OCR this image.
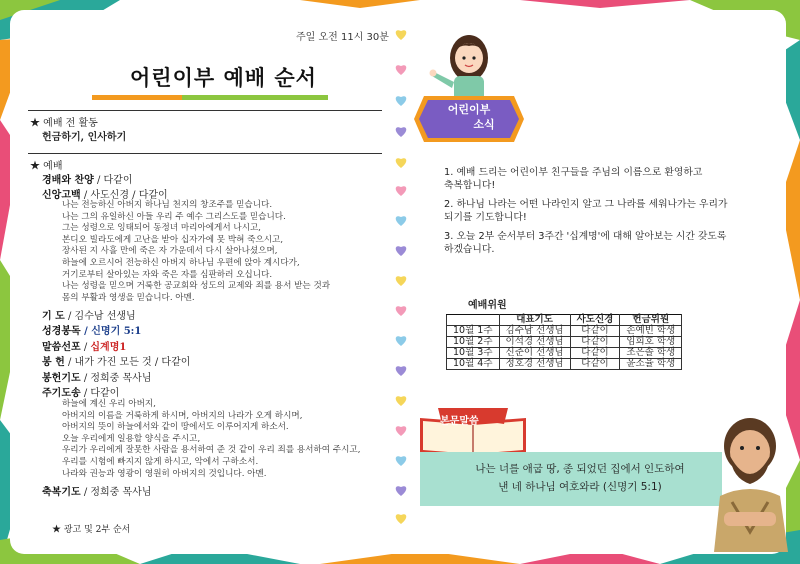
주일 오전 11시 30분
어린이부 예배 순서
★ 예배 전 활동
헌금하기, 인사하기
★ 예배
경배와 찬양 / 다같이
신앙고백 / 사도신경 / 다같이
나는 전능하신 아버지 하나님 천지의 창조주를 믿습니다.
나는 그의 유일하신 아들 우리 주 예수 그리스도를 믿습니다.
그는 성령으로 잉태되어 동정녀 마리아에게서 나시고,
본디오 빌라도에게 고난을 받아 십자가에 못 박혀 죽으시고,
장사된 지 사흘 만에 죽은 자 가운데서 다시 살아나셨으며,
하늘에 오르시어 전능하신 아버지 하나님 우편에 앉아 계시다가,
거기로부터 살아있는 자와 죽은 자를 심판하러 오십니다.
나는 성령을 믿으며 거룩한 공교회와 성도의 교제와 죄를 용서 받는 것과
몸의 부활과 영생을 믿습니다. 아멘.
기 도 / 김수남 선생님
성경봉독 / 신명기 5:1
말씀선포 / 십계명1
봉 헌 / 내가 가진 모든 것 / 다같이
봉헌기도 / 정희중 목사님
주기도송 / 다같이
하늘에 계신 우리 아버지,
아버지의 이름을 거룩하게 하시며, 아버지의 나라가 오게 하시며,
아버지의 뜻이 하늘에서와 같이 땅에서도 이루어지게 하소서.
오늘 우리에게 일용할 양식을 주시고,
우리가 우리에게 잘못한 사람을 용서하여 준 것 같이 우리 죄를 용서하여 주시고,
우리를 시험에 빠지지 않게 하시고, 악에서 구하소서.
나라와 권능과 영광이 영원히 아버지의 것입니다. 아멘.
축복기도 / 정희중 목사님
★ 광고 및 2부 순서
어린이부
소식
1. 예배 드리는 어린이부 친구들을 주님의 이름으로 환영하고
축복합니다!
2. 하나님 나라는 어떤 나라인지 알고 그 나라를 세워나가는 우리가
되기를 기도합니다!
3. 오늘 2부 순서부터 3주간 '십계명'에 대해 알아보는 시간 갖도록
하겠습니다.
예배위원
	대표기도	사도신경	헌금위원
10월 1주	김수남 선생님	다같이	손예빈 학생
10월 2주	이석경 선생님	다같이	임희호 학생
10월 3주	신준이 선생님	다같이	조은솔 학생
10월 4주	정호경 선생님	다같이	윤소율 학생
본문말씀
나는 너를 애굽 땅, 종 되었던 집에서 인도하여
낸 네 하나님 여호와라 (신명기 5:1)
